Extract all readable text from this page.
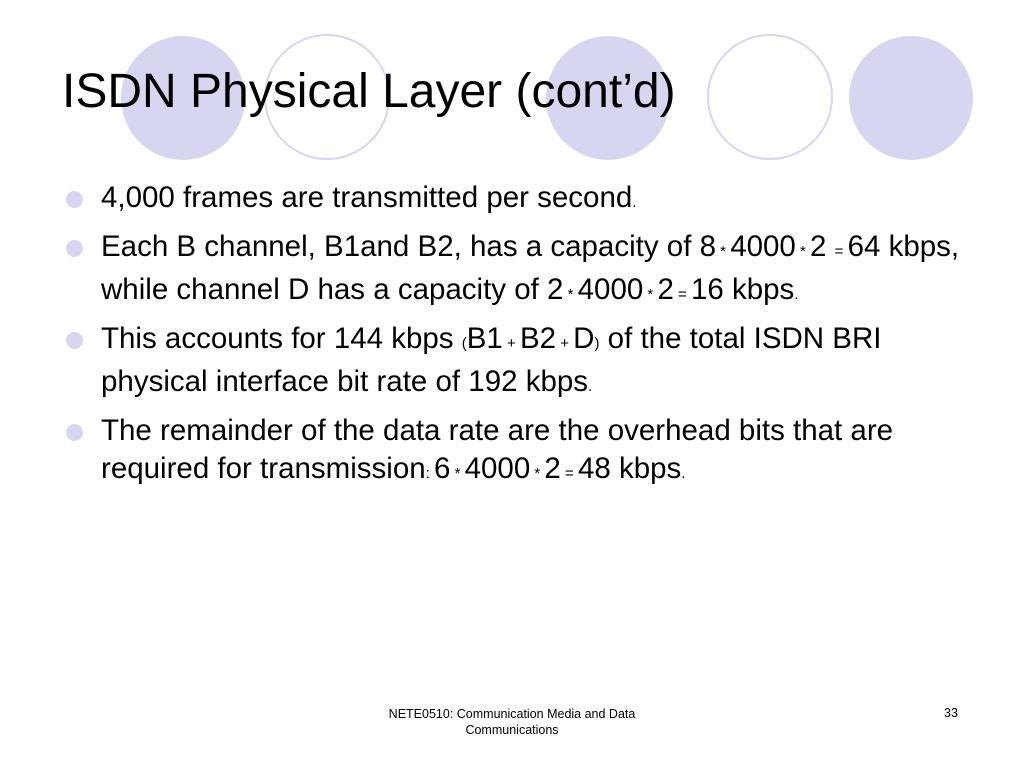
ISDN Physical Layer (cont’d)
4,000 frames are transmitted per second.
Each B channel, B1and B2, has a capacity of 8 * 4000 * 2 = 64 kbps, while channel D has a capacity of 2 * 4000 * 2 = 16 kbps.
This accounts for 144 kbps (B1 + B2 + D) of the total ISDN BRI physical interface bit rate of 192 kbps.
The remainder of the data rate are the overhead bits that are required for transmission: 6 * 4000 * 2 = 48 kbps.
NETE0510: Communication Media and Data Communications
33
